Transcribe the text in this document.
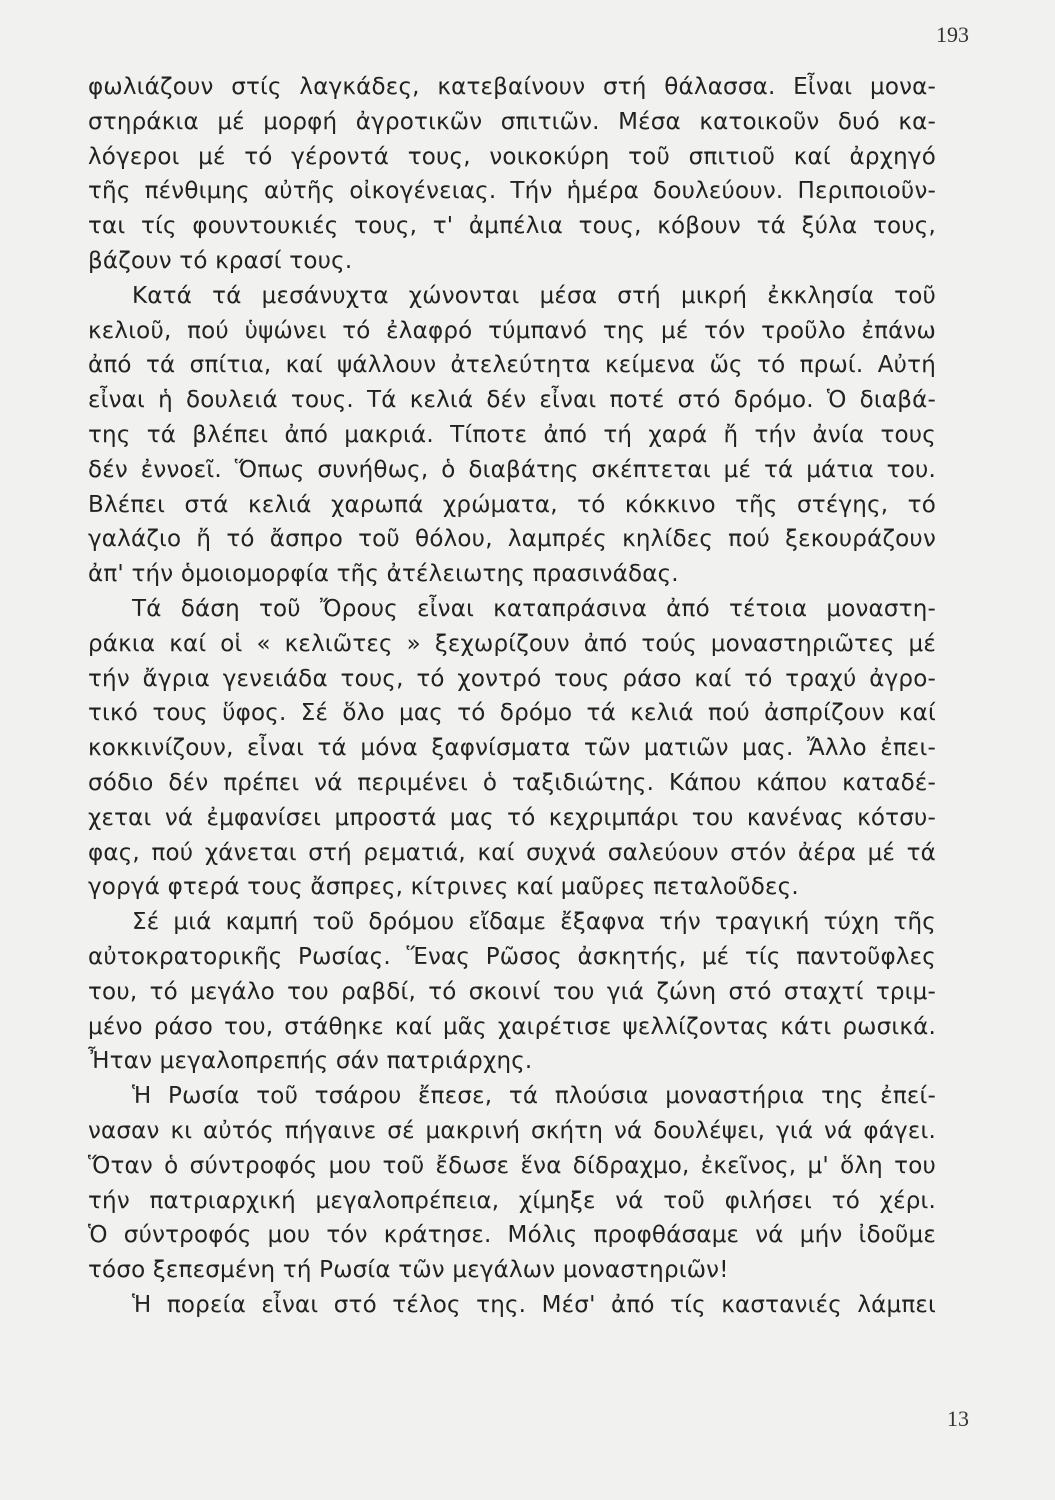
193
φωλιάζουν στίς λαγκάδες, κατεβαίνουν στή θάλασσα. Εἶναι μονα-
στηράκια μέ μορφή ἀγροτικῶν σπιτιῶν. Μέσα κατοικοῦν δυό κα-
λόγεροι μέ τό γέροντά τους, νοικοκύρη τοῦ σπιτιοῦ καί ἀρχηγό
τῆς πένθιμης αὐτῆς οἰκογένειας. Τήν ἡμέρα δουλεύουν. Περιποιοῦν-
ται τίς φουντουκιές τους, τ' ἀμπέλια τους, κόβουν τά ξύλα τους,
βάζουν τό κρασί τους.
Κατά τά μεσάνυχτα χώνονται μέσα στή μικρή ἐκκλησία τοῦ
κελιοῦ, πού ὑψώνει τό ἐλαφρό τύμπανό της μέ τόν τροῦλο ἐπάνω
ἀπό τά σπίτια, καί ψάλλουν ἀτελεύτητα κείμενα ὥς τό πρωί. Αὐτή
εἶναι ἡ δουλειά τους. Τά κελιά δέν εἶναι ποτέ στό δρόμο. Ὁ διαβά-
της τά βλέπει ἀπό μακριά. Τίποτε ἀπό τή χαρά ἤ τήν ἀνία τους
δέν ἐννοεῖ. Ὅπως συνήθως, ὁ διαβάτης σκέπτεται μέ τά μάτια του.
Βλέπει στά κελιά χαρωπά χρώματα, τό κόκκινο τῆς στέγης, τό
γαλάζιο ἤ τό ἄσπρο τοῦ θόλου, λαμπρές κηλίδες πού ξεκουράζουν
ἀπ' τήν ὁμοιομορφία τῆς ἀτέλειωτης πρασινάδας.
Τά δάση τοῦ Ὄρους εἶναι καταπράσινα ἀπό τέτοια μοναστη-
ράκια καί οἱ « κελιῶτες » ξεχωρίζουν ἀπό τούς μοναστηριῶτες μέ
τήν ἄγρια γενειάδα τους, τό χοντρό τους ράσο καί τό τραχύ ἀγρο-
τικό τους ὕφος. Σέ ὅλο μας τό δρόμο τά κελιά πού ἀσπρίζουν καί
κοκκινίζουν, εἶναι τά μόνα ξαφνίσματα τῶν ματιῶν μας. Ἄλλο ἐπει-
σόδιο δέν πρέπει νά περιμένει ὁ ταξιδιώτης. Κάπου κάπου καταδέ-
χεται νά ἐμφανίσει μπροστά μας τό κεχριμπάρι του κανένας κότσυ-
φας, πού χάνεται στή ρεματιά, καί συχνά σαλεύουν στόν ἀέρα μέ τά
γοργά φτερά τους ἄσπρες, κίτρινες καί μαῦρες πεταλοῦδες.
Σέ μιά καμπή τοῦ δρόμου εἴδαμε ἔξαφνα τήν τραγική τύχη τῆς
αὐτοκρατορικῆς Ρωσίας. Ἕνας Ρῶσος ἀσκητής, μέ τίς παντοῦφλες
του, τό μεγάλο του ραβδί, τό σκοινί του γιά ζώνη στό σταχτί τριμ-
μένο ράσο του, στάθηκε καί μᾶς χαιρέτισε ψελλίζοντας κάτι ρωσικά.
Ἦταν μεγαλοπρεπής σάν πατριάρχης.
Ἡ Ρωσία τοῦ τσάρου ἔπεσε, τά πλούσια μοναστήρια της ἐπεί-
νασαν κι αὐτός πήγαινε σέ μακρινή σκήτη νά δουλέψει, γιά νά φάγει.
Ὅταν ὁ σύντροφός μου τοῦ ἔδωσε ἕνα δίδραχμο, ἐκεῖνος, μ' ὅλη του
τήν πατριαρχική μεγαλοπρέπεια, χίμηξε νά τοῦ φιλήσει τό χέρι.
Ὁ σύντροφός μου τόν κράτησε. Μόλις προφθάσαμε νά μήν ἰδοῦμε
τόσο ξεπεσμένη τή Ρωσία τῶν μεγάλων μοναστηριῶν!
Ἡ πορεία εἶναι στό τέλος της. Μέσ' ἀπό τίς καστανιές λάμπει
13
